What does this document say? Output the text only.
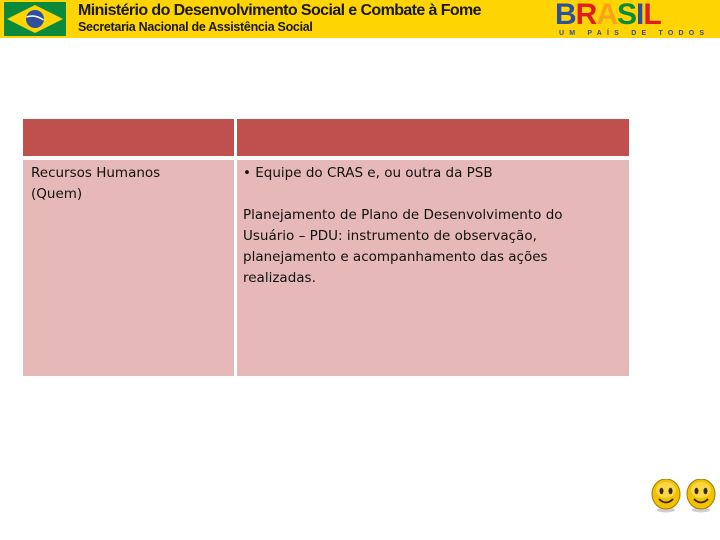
Ministério do Desenvolvimento Social e Combate à Fome
Secretaria Nacional de Assistência Social	B R A S I L
UM PAÍS DE TODOS

Recursos Humanos
(Quem)

• Equipe do CRAS e, ou outra da PSB

Planejamento de Plano de Desenvolvimento do
Usuário – PDU: instrumento de observação,
planejamento e acompanhamento das ações
realizadas.
